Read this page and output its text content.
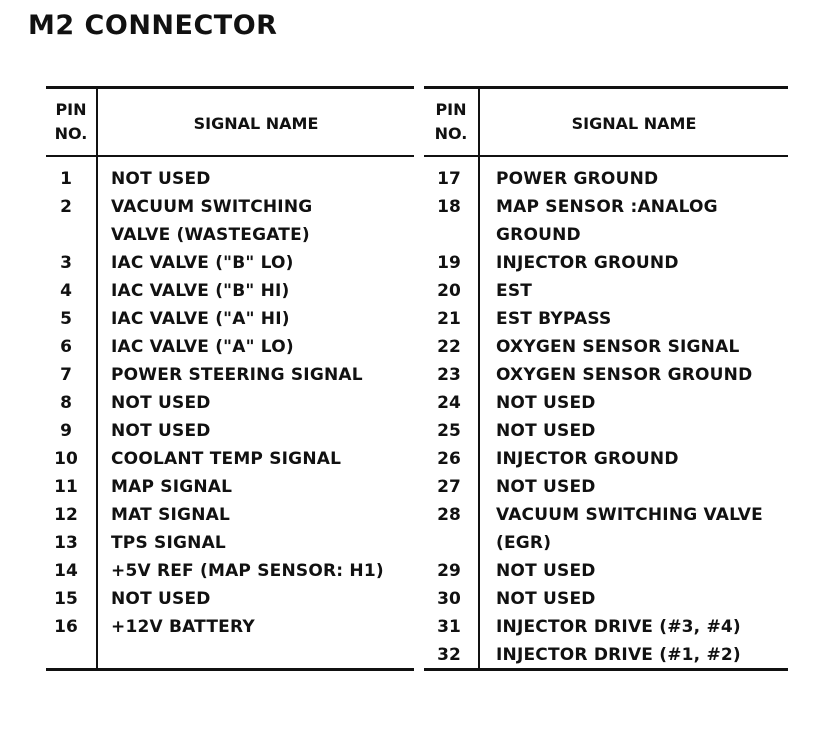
M2 CONNECTOR
PIN
NO.
SIGNAL NAME
1	NOT USED
2	VACUUM SWITCHING
VALVE (WASTEGATE)
3	IAC VALVE ("B" LO)
4	IAC VALVE ("B" HI)
5	IAC VALVE ("A" HI)
6	IAC VALVE ("A" LO)
7	POWER STEERING SIGNAL
8	NOT USED
9	NOT USED
10	COOLANT TEMP SIGNAL
11	MAP SIGNAL
12	MAT SIGNAL
13	TPS SIGNAL
14	+5V REF (MAP SENSOR: H1)
15	NOT USED
16	+12V BATTERY
PIN
NO.
SIGNAL NAME
17	POWER GROUND
18	MAP SENSOR :ANALOG
GROUND
19	INJECTOR GROUND
20	EST
21	EST BYPASS
22	OXYGEN SENSOR SIGNAL
23	OXYGEN SENSOR GROUND
24	NOT USED
25	NOT USED
26	INJECTOR GROUND
27	NOT USED
28	VACUUM SWITCHING VALVE
(EGR)
29	NOT USED
30	NOT USED
31	INJECTOR DRIVE (#3, #4)
32	INJECTOR DRIVE (#1, #2)
